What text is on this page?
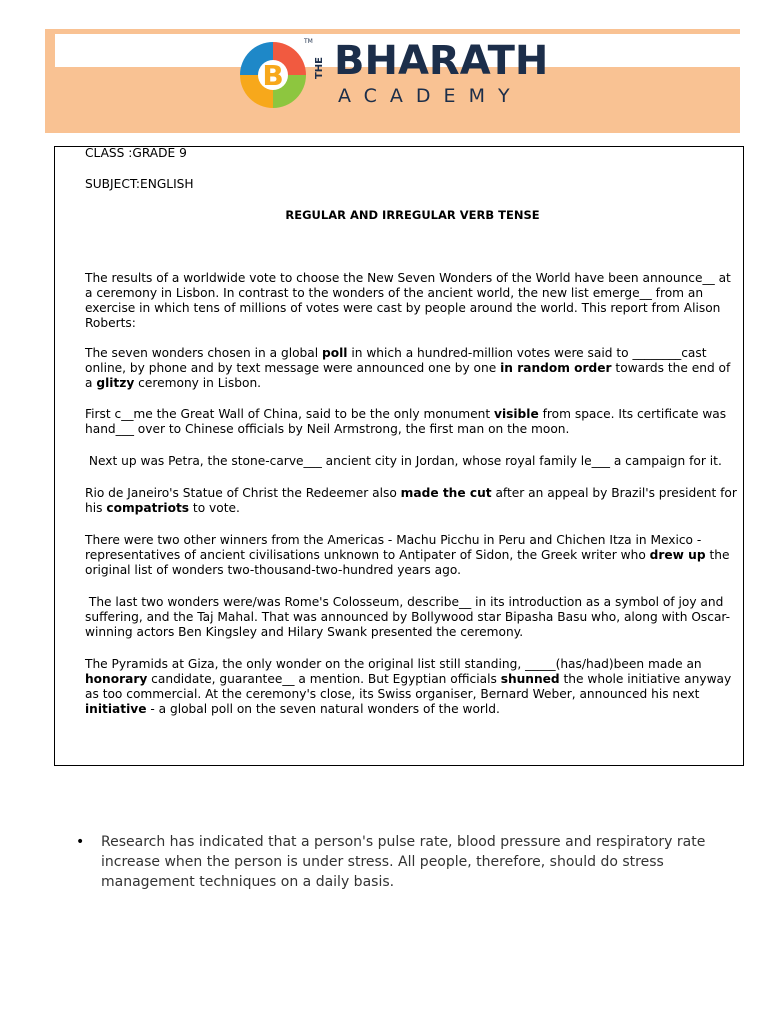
B
TM
THE BHARATH
ACADEMY

CLASS :GRADE 9

SUBJECT:ENGLISH

REGULAR AND IRREGULAR VERB TENSE

The results of a worldwide vote to choose the New Seven Wonders of the World have been announce__ at a ceremony in Lisbon. In contrast to the wonders of the ancient world, the new list emerge__ from an exercise in which tens of millions of votes were cast by people around the world. This report from Alison Roberts:

The seven wonders chosen in a global poll in which a hundred-million votes were said to ________cast online, by phone and by text message were announced one by one in random order towards the end of a glitzy ceremony in Lisbon.

First c__me the Great Wall of China, said to be the only monument visible from space. Its certificate was hand___ over to Chinese officials by Neil Armstrong, the first man on the moon.

Next up was Petra, the stone-carve___ ancient city in Jordan, whose royal family le___ a campaign for it.

Rio de Janeiro's Statue of Christ the Redeemer also made the cut after an appeal by Brazil's president for his compatriots to vote.

There were two other winners from the Americas - Machu Picchu in Peru and Chichen Itza in Mexico - representatives of ancient civilisations unknown to Antipater of Sidon, the Greek writer who drew up the original list of wonders two-thousand-two-hundred years ago.

The last two wonders were/was Rome's Colosseum, describe__ in its introduction as a symbol of joy and suffering, and the Taj Mahal. That was announced by Bollywood star Bipasha Basu who, along with Oscar-winning actors Ben Kingsley and Hilary Swank presented the ceremony.

The Pyramids at Giza, the only wonder on the original list still standing, _____(has/had)been made an honorary candidate, guarantee__ a mention. But Egyptian officials shunned the whole initiative anyway as too commercial. At the ceremony's close, its Swiss organiser, Bernard Weber, announced his next initiative - a global poll on the seven natural wonders of the world.

• Research has indicated that a person's pulse rate, blood pressure and respiratory rate increase when the person is under stress. All people, therefore, should do stress management techniques on a daily basis.
